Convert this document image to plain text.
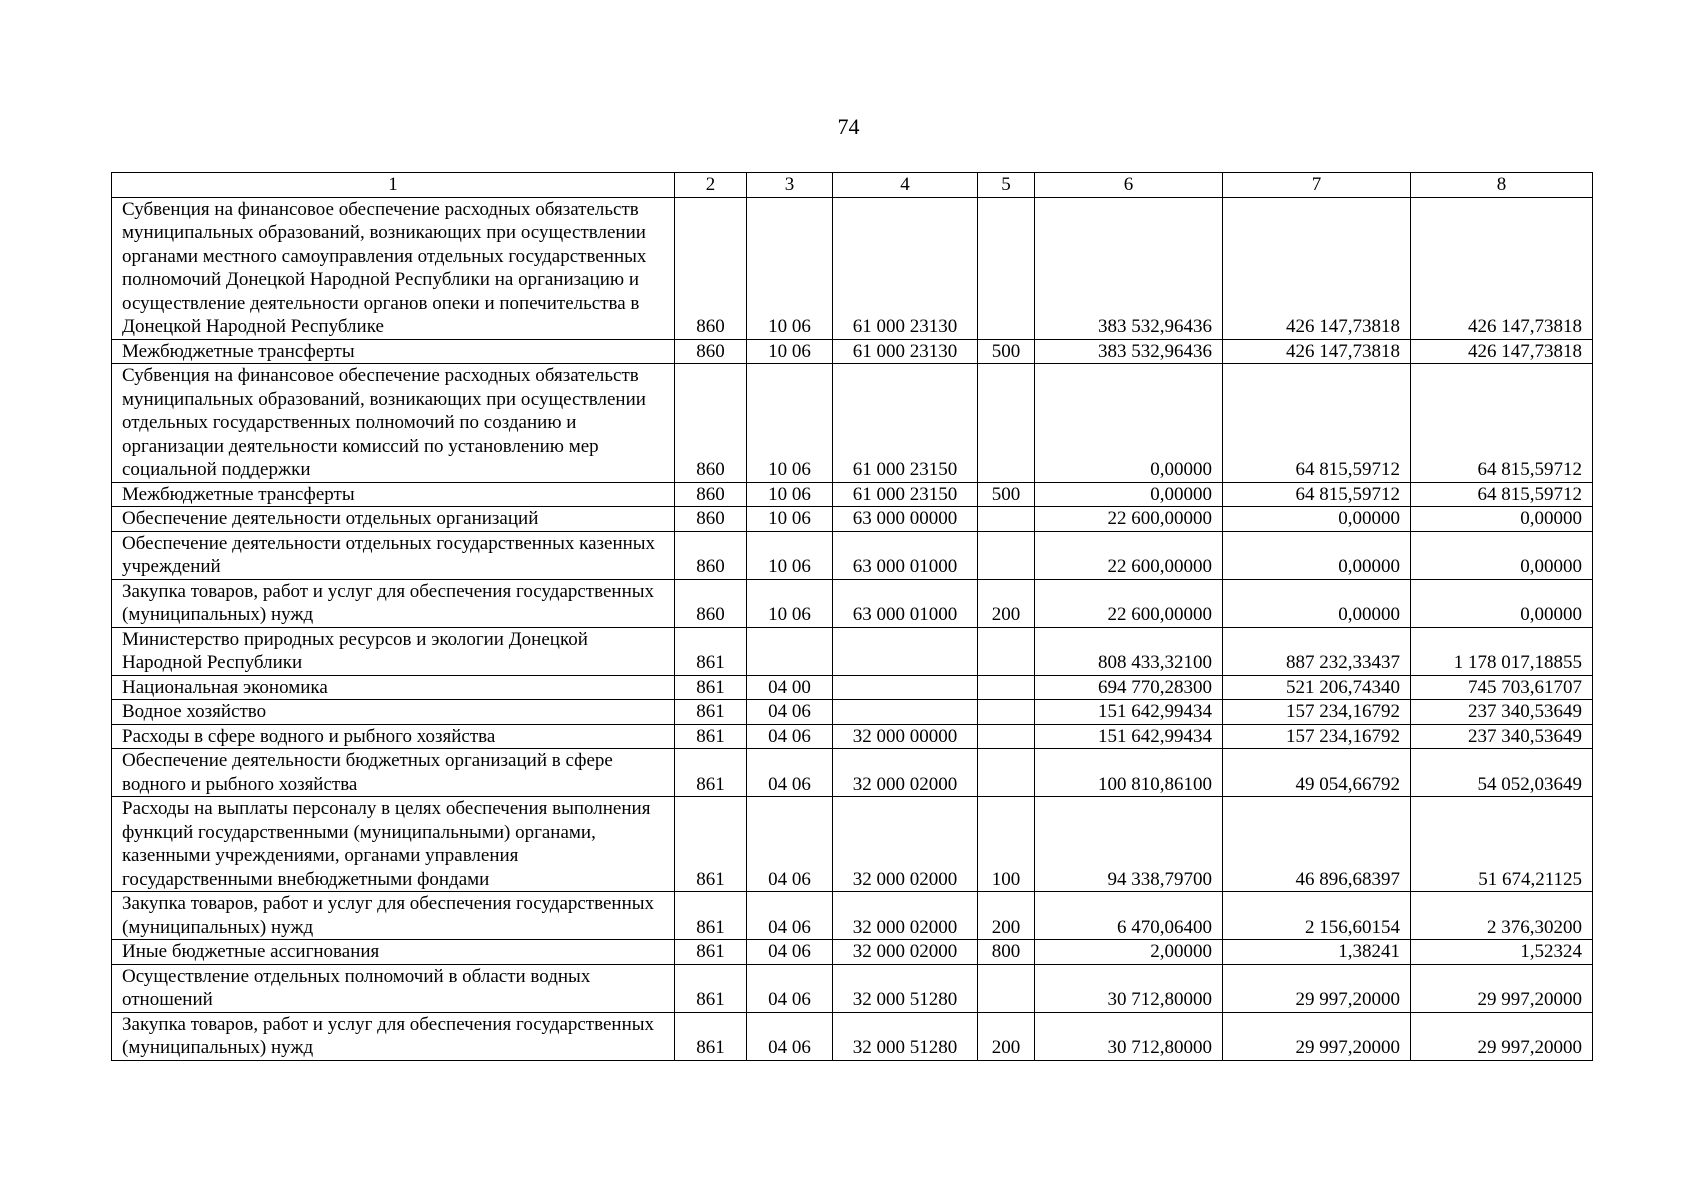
74
1	2	3	4	5	6	7	8
Субвенция на финансовое обеспечение расходных обязательств муниципальных образований, возникающих при осуществлении органами местного самоуправления отдельных государственных полномочий Донецкой Народной Республики на организацию и осуществление деятельности органов опеки и попечительства в Донецкой Народной Республике	860	10 06	61 000 23130		383 532,96436	426 147,73818	426 147,73818
Межбюджетные трансферты	860	10 06	61 000 23130	500	383 532,96436	426 147,73818	426 147,73818
Субвенция на финансовое обеспечение расходных обязательств муниципальных образований, возникающих при осуществлении отдельных государственных полномочий по созданию и организации деятельности комиссий по установлению мер социальной поддержки	860	10 06	61 000 23150		0,00000	64 815,59712	64 815,59712
Межбюджетные трансферты	860	10 06	61 000 23150	500	0,00000	64 815,59712	64 815,59712
Обеспечение деятельности отдельных организаций	860	10 06	63 000 00000		22 600,00000	0,00000	0,00000
Обеспечение деятельности отдельных государственных казенных учреждений	860	10 06	63 000 01000		22 600,00000	0,00000	0,00000
Закупка товаров, работ и услуг для обеспечения государственных (муниципальных) нужд	860	10 06	63 000 01000	200	22 600,00000	0,00000	0,00000
Министерство природных ресурсов и экологии Донецкой Народной Республики	861				808 433,32100	887 232,33437	1 178 017,18855
Национальная экономика	861	04 00			694 770,28300	521 206,74340	745 703,61707
Водное хозяйство	861	04 06			151 642,99434	157 234,16792	237 340,53649
Расходы в сфере водного и рыбного хозяйства	861	04 06	32 000 00000		151 642,99434	157 234,16792	237 340,53649
Обеспечение деятельности бюджетных организаций в сфере водного и рыбного хозяйства	861	04 06	32 000 02000		100 810,86100	49 054,66792	54 052,03649
Расходы на выплаты персоналу в целях обеспечения выполнения функций государственными (муниципальными) органами, казенными учреждениями, органами управления государственными внебюджетными фондами	861	04 06	32 000 02000	100	94 338,79700	46 896,68397	51 674,21125
Закупка товаров, работ и услуг для обеспечения государственных (муниципальных) нужд	861	04 06	32 000 02000	200	6 470,06400	2 156,60154	2 376,30200
Иные бюджетные ассигнования	861	04 06	32 000 02000	800	2,00000	1,38241	1,52324
Осуществление отдельных полномочий в области водных отношений	861	04 06	32 000 51280		30 712,80000	29 997,20000	29 997,20000
Закупка товаров, работ и услуг для обеспечения государственных (муниципальных) нужд	861	04 06	32 000 51280	200	30 712,80000	29 997,20000	29 997,20000
